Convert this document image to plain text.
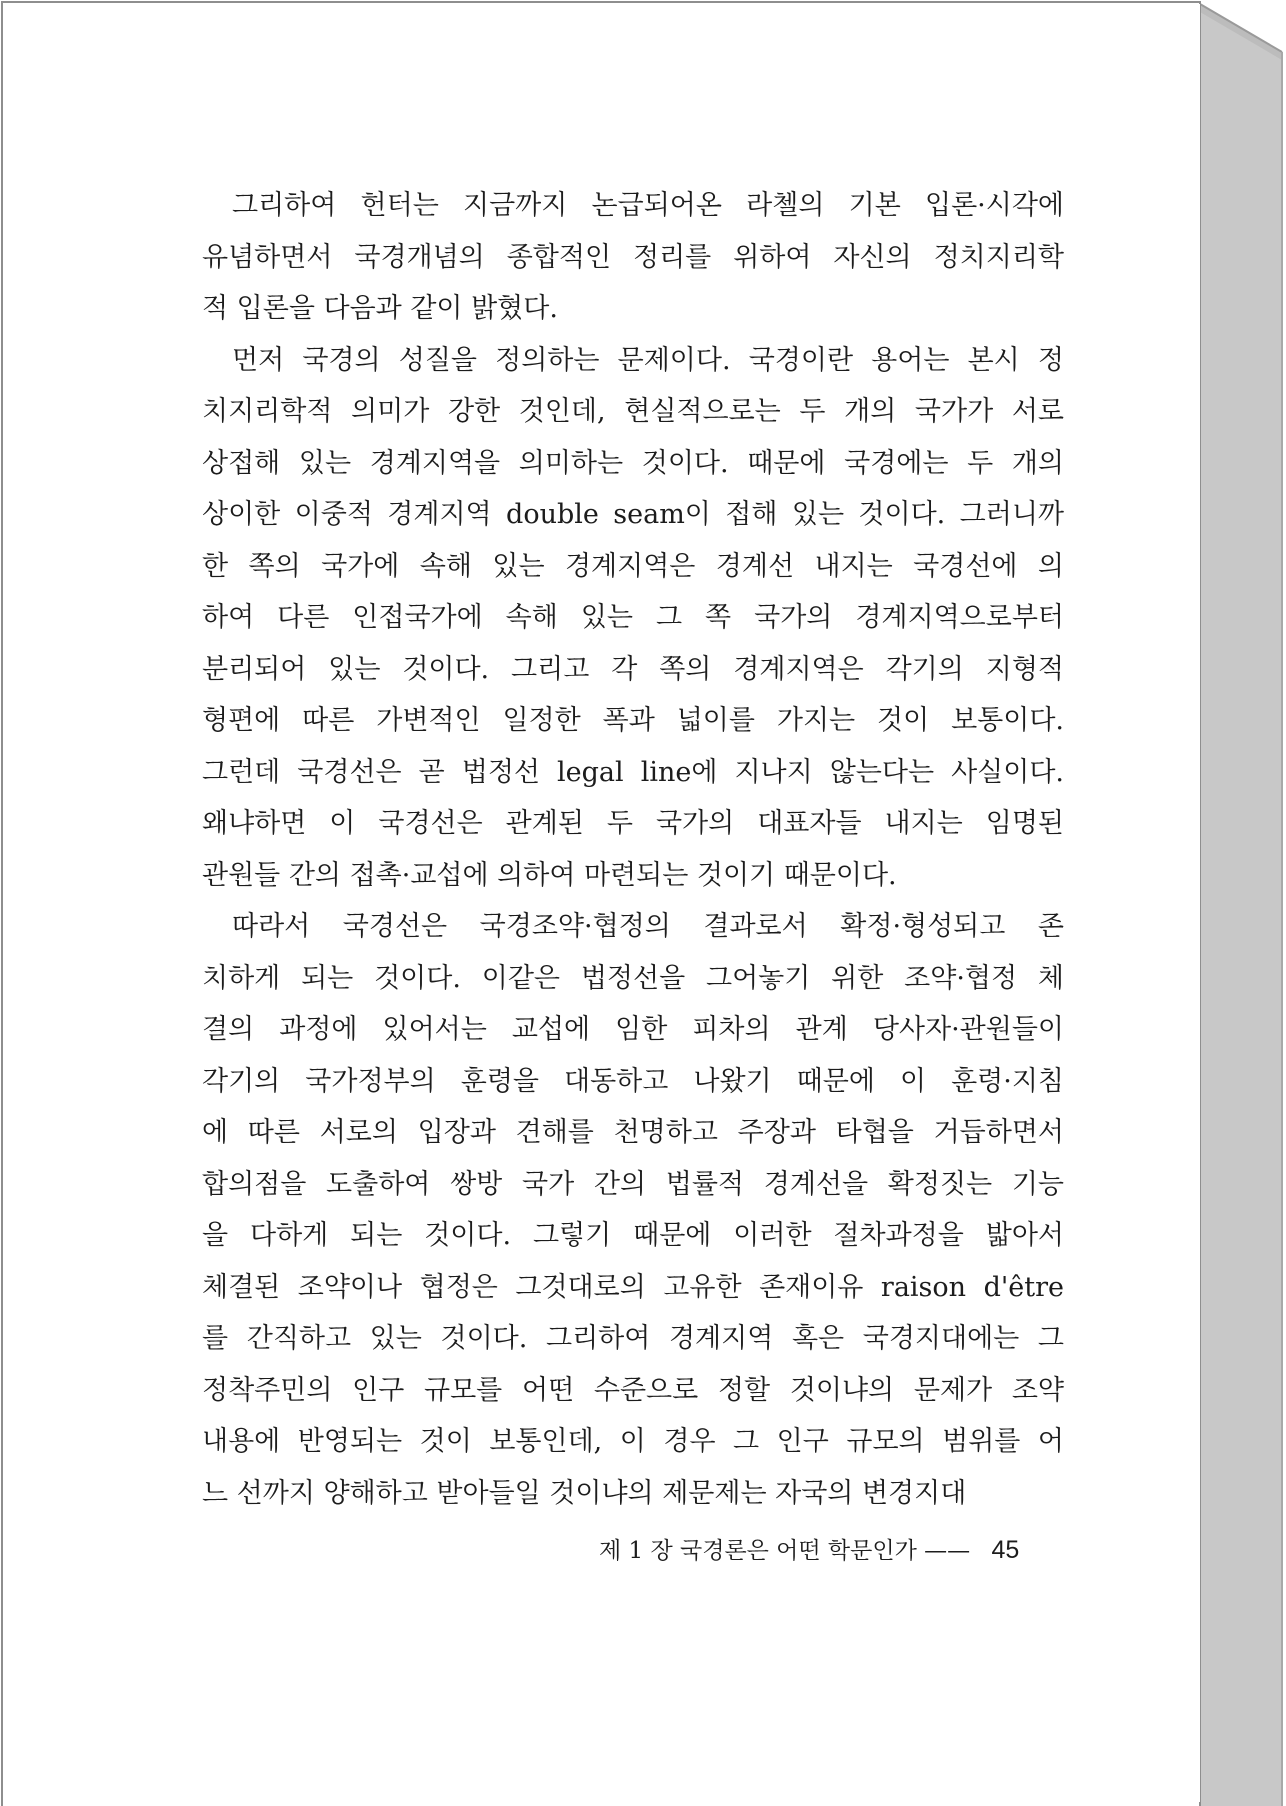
그리하여 헌터는 지금까지 논급되어온 라첼의 기본 입론·시각에
유념하면서 국경개념의 종합적인 정리를 위하여 자신의 정치지리학
적 입론을 다음과 같이 밝혔다.
먼저 국경의 성질을 정의하는 문제이다. 국경이란 용어는 본시 정
치지리학적 의미가 강한 것인데, 현실적으로는 두 개의 국가가 서로
상접해 있는 경계지역을 의미하는 것이다. 때문에 국경에는 두 개의
상이한 이중적 경계지역 double seam이 접해 있는 것이다. 그러니까
한 쪽의 국가에 속해 있는 경계지역은 경계선 내지는 국경선에 의
하여 다른 인접국가에 속해 있는 그 쪽 국가의 경계지역으로부터
분리되어 있는 것이다. 그리고 각 쪽의 경계지역은 각기의 지형적
형편에 따른 가변적인 일정한 폭과 넓이를 가지는 것이 보통이다.
그런데 국경선은 곧 법정선 legal line에 지나지 않는다는 사실이다.
왜냐하면 이 국경선은 관계된 두 국가의 대표자들 내지는 임명된
관원들 간의 접촉·교섭에 의하여 마련되는 것이기 때문이다.
따라서 국경선은 국경조약·협정의 결과로서 확정·형성되고 존
치하게 되는 것이다. 이같은 법정선을 그어놓기 위한 조약·협정 체
결의 과정에 있어서는 교섭에 임한 피차의 관계 당사자·관원들이
각기의 국가정부의 훈령을 대동하고 나왔기 때문에 이 훈령·지침
에 따른 서로의 입장과 견해를 천명하고 주장과 타협을 거듭하면서
합의점을 도출하여 쌍방 국가 간의 법률적 경계선을 확정짓는 기능
을 다하게 되는 것이다. 그렇기 때문에 이러한 절차과정을 밟아서
체결된 조약이나 협정은 그것대로의 고유한 존재이유 raison d'être
를 간직하고 있는 것이다. 그리하여 경계지역 혹은 국경지대에는 그
정착주민의 인구 규모를 어떤 수준으로 정할 것이냐의 문제가 조약
내용에 반영되는 것이 보통인데, 이 경우 그 인구 규모의 범위를 어
느 선까지 양해하고 받아들일 것이냐의 제문제는 자국의 변경지대
제 1 장 국경론은 어떤 학문인가 —— 45
